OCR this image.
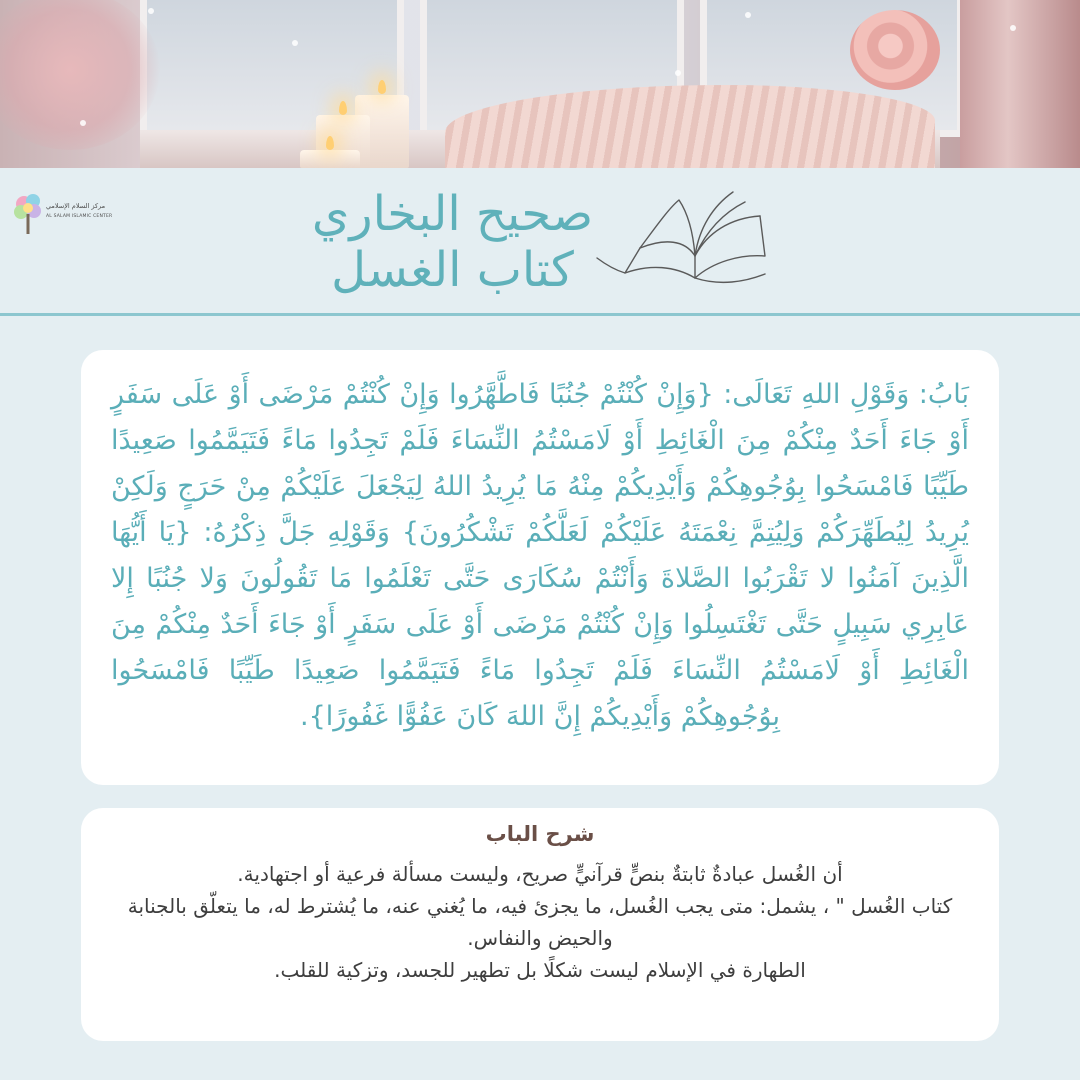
مركز السلام الإسلامي
AL SALAM ISLAMIC CENTER	صحيح البخاري
كتاب الغسل

بَابُ: وَقَوْلِ اللهِ تَعَالَى: {وَإِنْ كُنْتُمْ جُنُبًا فَاطَّهَّرُوا وَإِنْ كُنْتُمْ مَرْضَى أَوْ عَلَى سَفَرٍ أَوْ جَاءَ أَحَدٌ مِنْكُمْ مِنَ الْغَائِطِ أَوْ لَامَسْتُمُ النِّسَاءَ فَلَمْ تَجِدُوا مَاءً فَتَيَمَّمُوا صَعِيدًا طَيِّبًا فَامْسَحُوا بِوُجُوهِكُمْ وَأَيْدِيكُمْ مِنْهُ مَا يُرِيدُ اللهُ لِيَجْعَلَ عَلَيْكُمْ مِنْ حَرَجٍ وَلَكِنْ يُرِيدُ لِيُطَهِّرَكُمْ وَلِيُتِمَّ نِعْمَتَهُ عَلَيْكُمْ لَعَلَّكُمْ تَشْكُرُونَ} وَقَوْلِهِ جَلَّ ذِكْرُهُ: {يَا أَيُّهَا الَّذِينَ آمَنُوا لا تَقْرَبُوا الصَّلاةَ وَأَنْتُمْ سُكَارَى حَتَّى تَعْلَمُوا مَا تَقُولُونَ وَلا جُنُبًا إِلا عَابِرِي سَبِيلٍ حَتَّى تَغْتَسِلُوا وَإِنْ كُنْتُمْ مَرْضَى أَوْ عَلَى سَفَرٍ أَوْ جَاءَ أَحَدٌ مِنْكُمْ مِنَ الْغَائِطِ أَوْ لَامَسْتُمُ النِّسَاءَ فَلَمْ تَجِدُوا مَاءً فَتَيَمَّمُوا صَعِيدًا طَيِّبًا فَامْسَحُوا بِوُجُوهِكُمْ وَأَيْدِيكُمْ إِنَّ اللهَ كَانَ عَفُوًّا غَفُورًا}.

شرح الباب
أن الغُسل عبادةٌ ثابتةٌ بنصٍّ قرآنيٍّ صريح، وليست مسألة فرعية أو اجتهادية.
كتاب الغُسل " ، يشمل: متى يجب الغُسل، ما يجزئ فيه، ما يُغني عنه، ما يُشترط له، ما يتعلّق بالجنابة والحيض والنفاس.
الطهارة في الإسلام ليست شكلًا بل تطهير للجسد، وتزكية للقلب.
